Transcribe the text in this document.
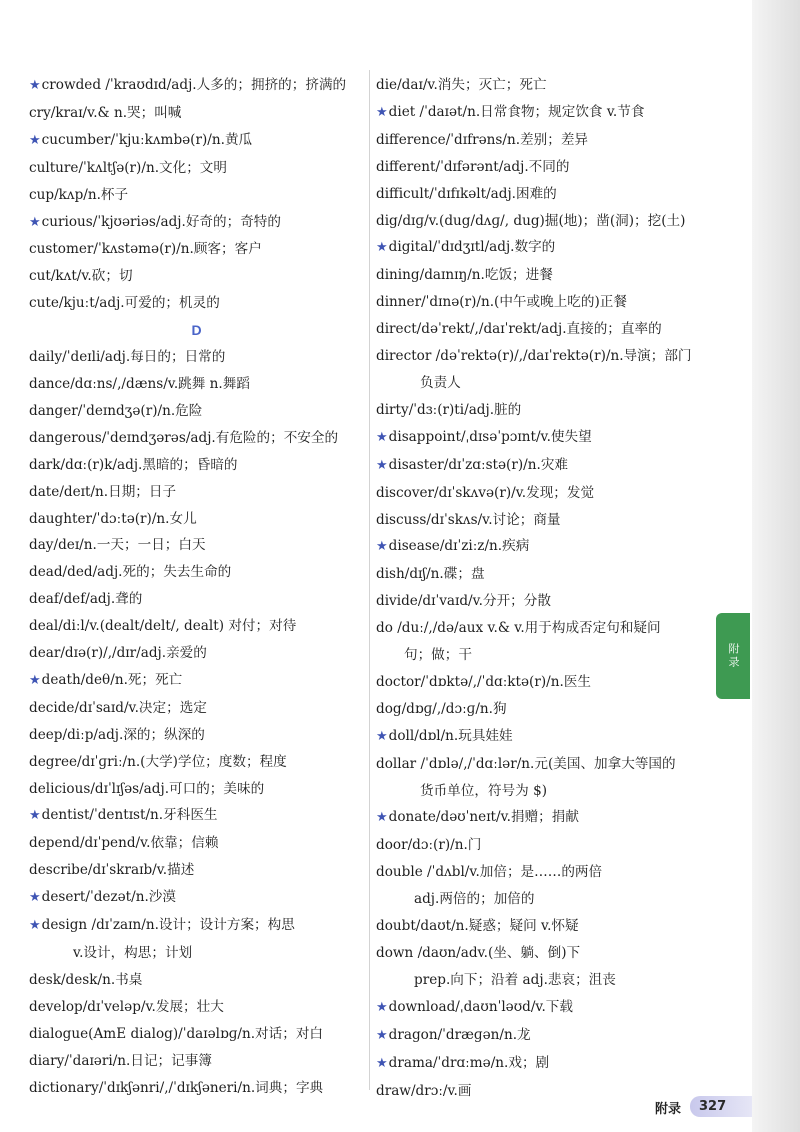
★crowded /ˈkraʊdɪd/adj.人多的；拥挤的；挤满的
cry/kraɪ/v.& n.哭；叫喊
★cucumber/ˈkjuːkʌmbə(r)/n.黄瓜
culture/ˈkʌltʃə(r)/n.文化；文明
cup/kʌp/n.杯子
★curious/ˈkjʊəriəs/adj.好奇的；奇特的
customer/ˈkʌstəmə(r)/n.顾客；客户
cut/kʌt/v.砍；切
cute/kjuːt/adj.可爱的；机灵的
D
daily/ˈdeɪli/adj.每日的；日常的
dance/dɑːns/,/dæns/v.跳舞 n.舞蹈
danger/ˈdeɪndʒə(r)/n.危险
dangerous/ˈdeɪndʒərəs/adj.有危险的；不安全的
dark/dɑː(r)k/adj.黑暗的；昏暗的
date/deɪt/n.日期；日子
daughter/ˈdɔːtə(r)/n.女儿
day/deɪ/n.一天；一日；白天
dead/ded/adj.死的；失去生命的
deaf/def/adj.聋的
deal/diːl/v.(dealt/delt/, dealt) 对付；对待
dear/dɪə(r)/,/dɪr/adj.亲爱的
★death/deθ/n.死；死亡
decide/dɪˈsaɪd/v.决定；选定
deep/diːp/adj.深的；纵深的
degree/dɪˈɡriː/n.(大学)学位；度数；程度
delicious/dɪˈlɪʃəs/adj.可口的；美味的
★dentist/ˈdentɪst/n.牙科医生
depend/dɪˈpend/v.依靠；信赖
describe/dɪˈskraɪb/v.描述
★desert/ˈdezət/n.沙漠
★design /dɪˈzaɪn/n.设计；设计方案；构思
v.设计，构思；计划
desk/desk/n.书桌
develop/dɪˈveləp/v.发展；壮大
dialogue(AmE dialog)/ˈdaɪəlɒɡ/n.对话；对白
diary/ˈdaɪəri/n.日记；记事簿
dictionary/ˈdɪkʃənri/,/ˈdɪkʃəneri/n.词典；字典
die/daɪ/v.消失；灭亡；死亡
★diet /ˈdaɪət/n.日常食物；规定饮食 v.节食
difference/ˈdɪfrəns/n.差别；差异
different/ˈdɪfərənt/adj.不同的
difficult/ˈdɪfɪkəlt/adj.困难的
dig/dɪɡ/v.(dug/dʌɡ/, dug)掘(地)；凿(洞)；挖(土)
★digital/ˈdɪdʒɪtl/adj.数字的
dining/daɪnɪŋ/n.吃饭；进餐
dinner/ˈdɪnə(r)/n.(中午或晚上吃的)正餐
direct/dəˈrekt/,/daɪˈrekt/adj.直接的；直率的
director /dəˈrektə(r)/,/daɪˈrektə(r)/n.导演；部门
负责人
dirty/ˈdɜː(r)ti/adj.脏的
★disappoint/ˌdɪsəˈpɔɪnt/v.使失望
★disaster/dɪˈzɑːstə(r)/n.灾难
discover/dɪˈskʌvə(r)/v.发现；发觉
discuss/dɪˈskʌs/v.讨论；商量
★disease/dɪˈziːz/n.疾病
dish/dɪʃ/n.碟；盘
divide/dɪˈvaɪd/v.分开；分散
do /duː/,/də/aux v.& v.用于构成否定句和疑问
句；做；干
doctor/ˈdɒktə/,/ˈdɑːktə(r)/n.医生
dog/dɒɡ/,/dɔːɡ/n.狗
★doll/dɒl/n.玩具娃娃
dollar /ˈdɒlə/,/ˈdɑːlər/n.元(美国、加拿大等国的
货币单位，符号为 $)
★donate/dəʊˈneɪt/v.捐赠；捐献
door/dɔː(r)/n.门
double /ˈdʌbl/v.加倍；是……的两倍
adj.两倍的；加倍的
doubt/daʊt/n.疑惑；疑问 v.怀疑
down /daʊn/adv.(坐、躺、倒)下
prep.向下；沿着 adj.悲哀；沮丧
★download/ˌdaʊnˈləʊd/v.下载
★dragon/ˈdræɡən/n.龙
★drama/ˈdrɑːmə/n.戏；剧
draw/drɔː/v.画
附录
附录	327
